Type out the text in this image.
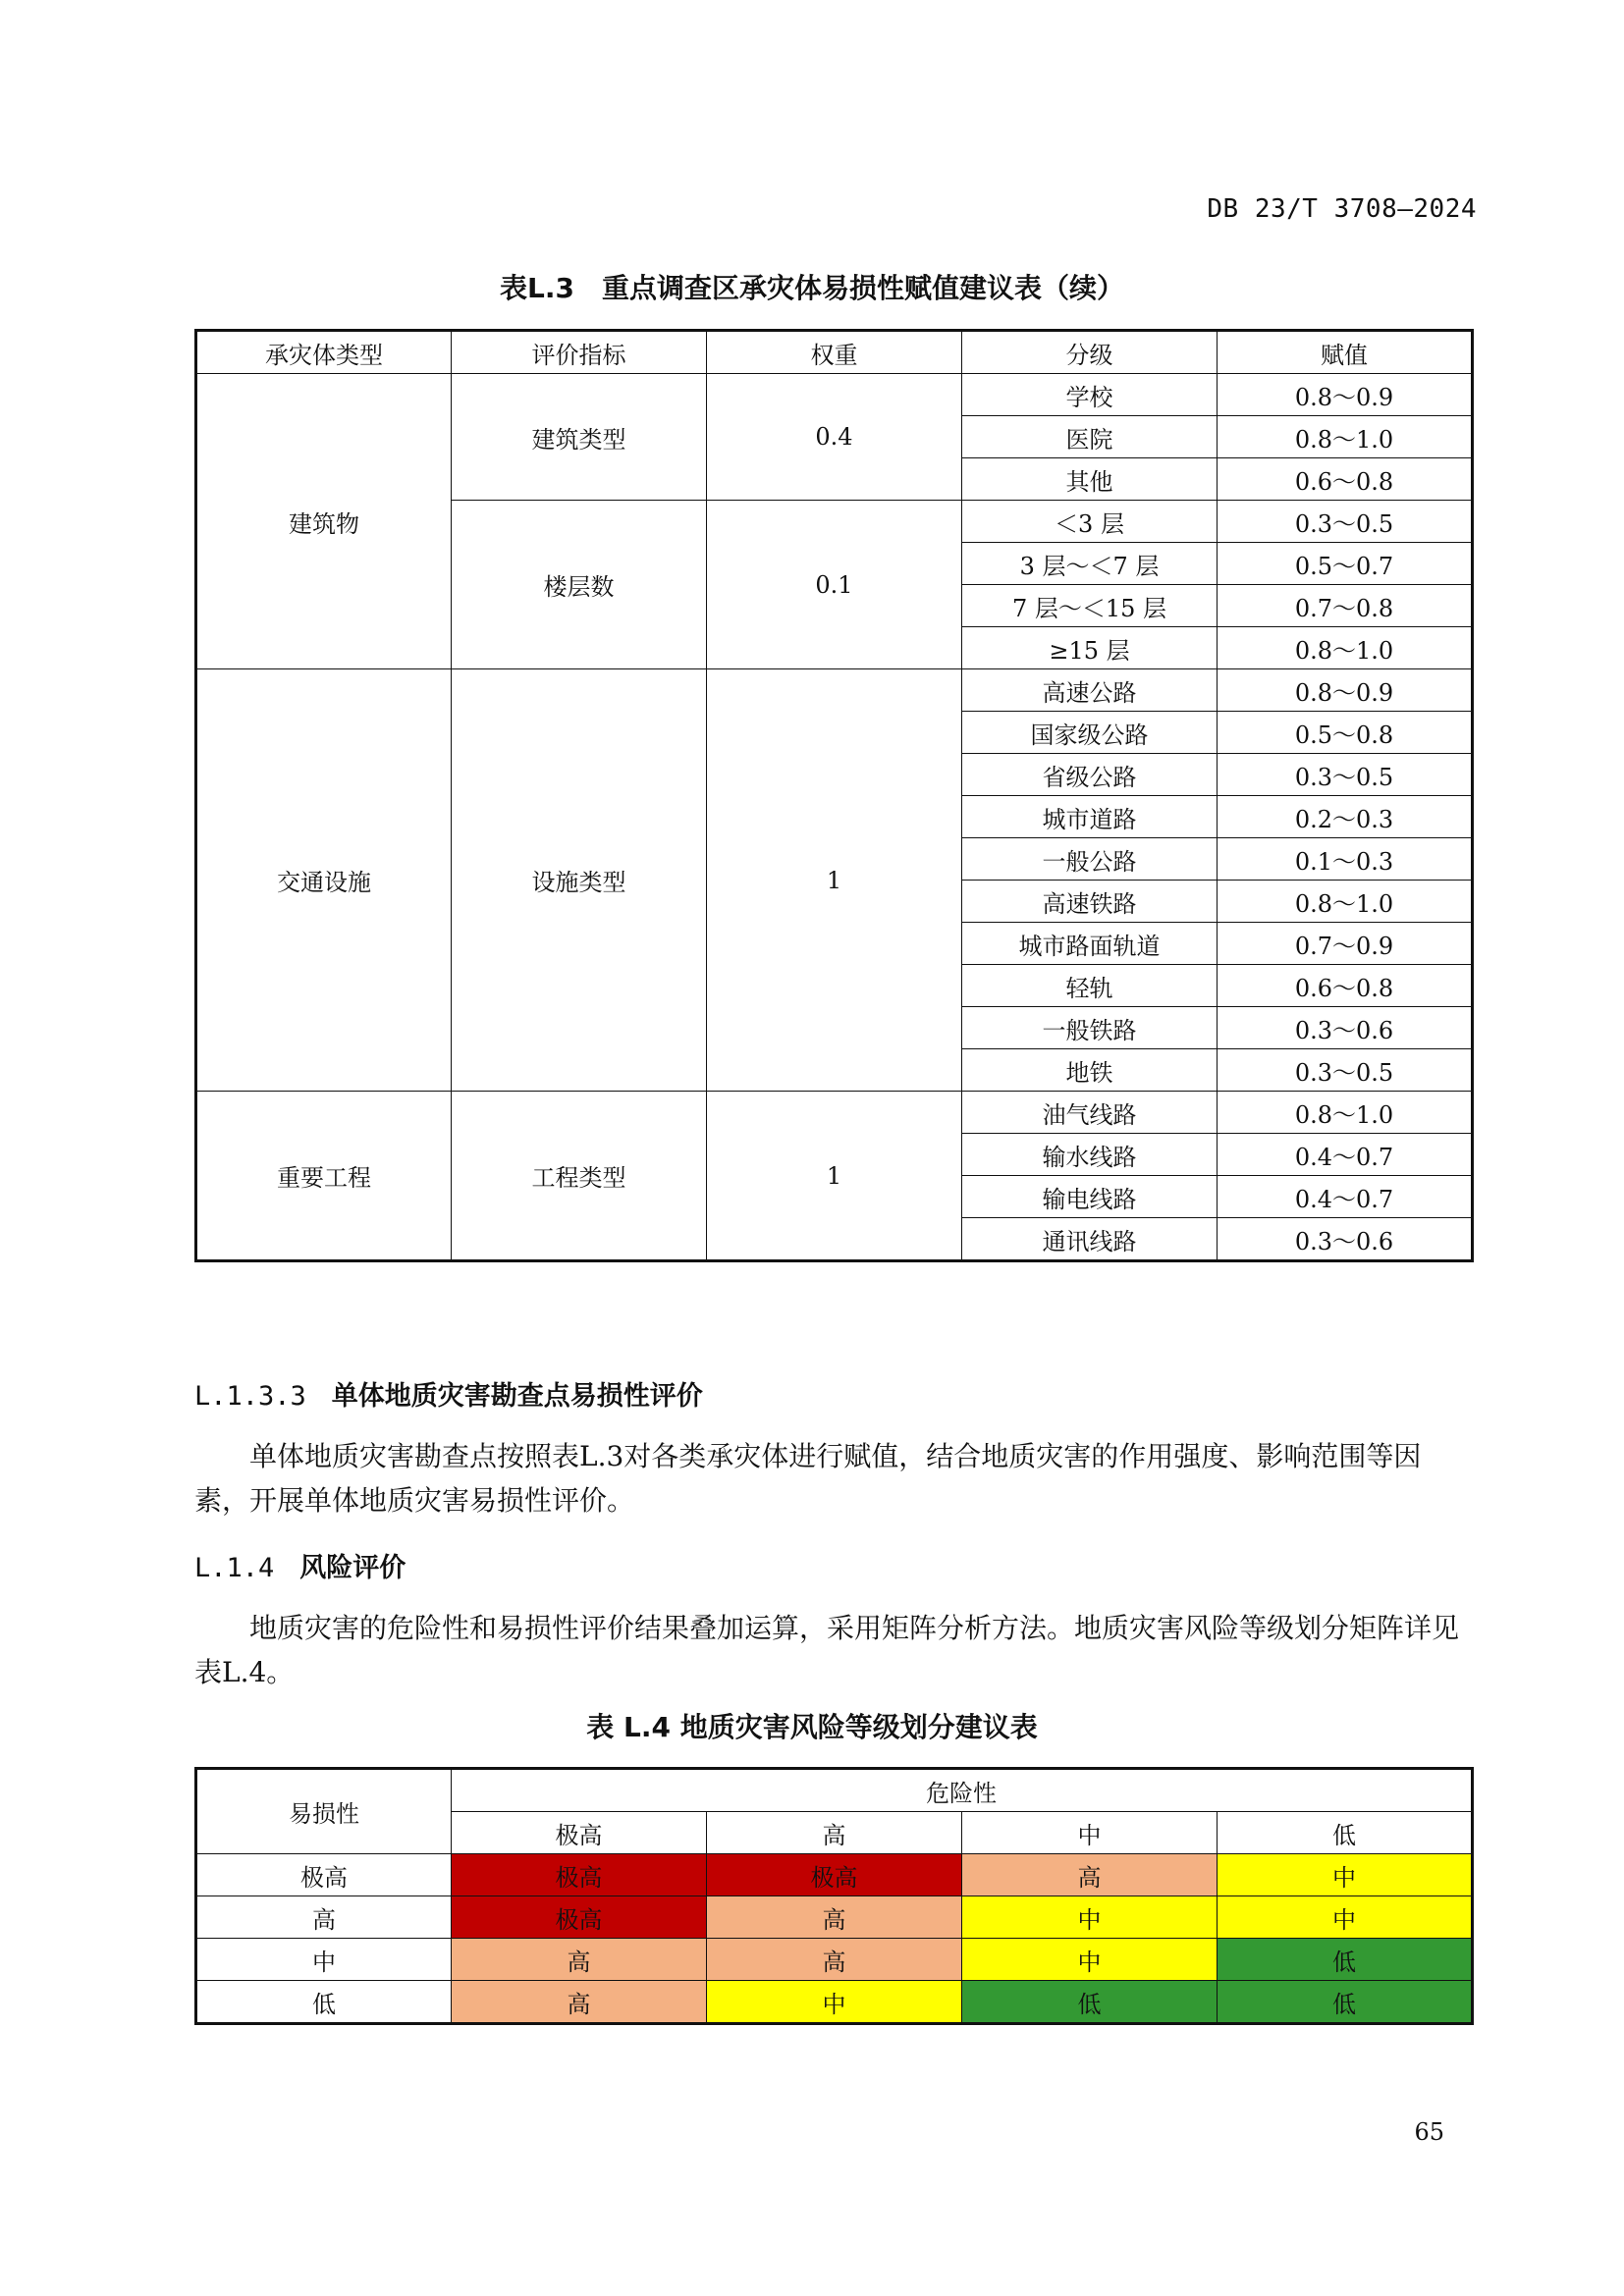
DB 23/T 3708—2024
表L.3　重点调查区承灾体易损性赋值建议表（续）
承灾体类型	评价指标	权重	分级	赋值
建筑物	建筑类型	0.4	学校	0.8～0.9
			医院	0.8～1.0
			其他	0.6～0.8
	楼层数	0.1	＜3 层	0.3～0.5
			3 层～＜7 层	0.5～0.7
			7 层～＜15 层	0.7～0.8
			≥15 层	0.8～1.0
交通设施	设施类型	1	高速公路	0.8～0.9
			国家级公路	0.5～0.8
			省级公路	0.3～0.5
			城市道路	0.2～0.3
			一般公路	0.1～0.3
			高速铁路	0.8～1.0
			城市路面轨道	0.7～0.9
			轻轨	0.6～0.8
			一般铁路	0.3～0.6
			地铁	0.3～0.5
重要工程	工程类型	1	油气线路	0.8～1.0
			输水线路	0.4～0.7
			输电线路	0.4～0.7
			通讯线路	0.3～0.6
L.1.3.3 单体地质灾害勘查点易损性评价
单体地质灾害勘查点按照表L.3对各类承灾体进行赋值，结合地质灾害的作用强度、影响范围等因素，开展单体地质灾害易损性评价。
L.1.4 风险评价
地质灾害的危险性和易损性评价结果叠加运算，采用矩阵分析方法。地质灾害风险等级划分矩阵详见表L.4。
表 L.4 地质灾害风险等级划分建议表
易损性	危险性			
	极高	高	中	低
极高	极高	极高	高	中
高	极高	高	中	中
中	高	高	中	低
低	高	中	低	低
65
